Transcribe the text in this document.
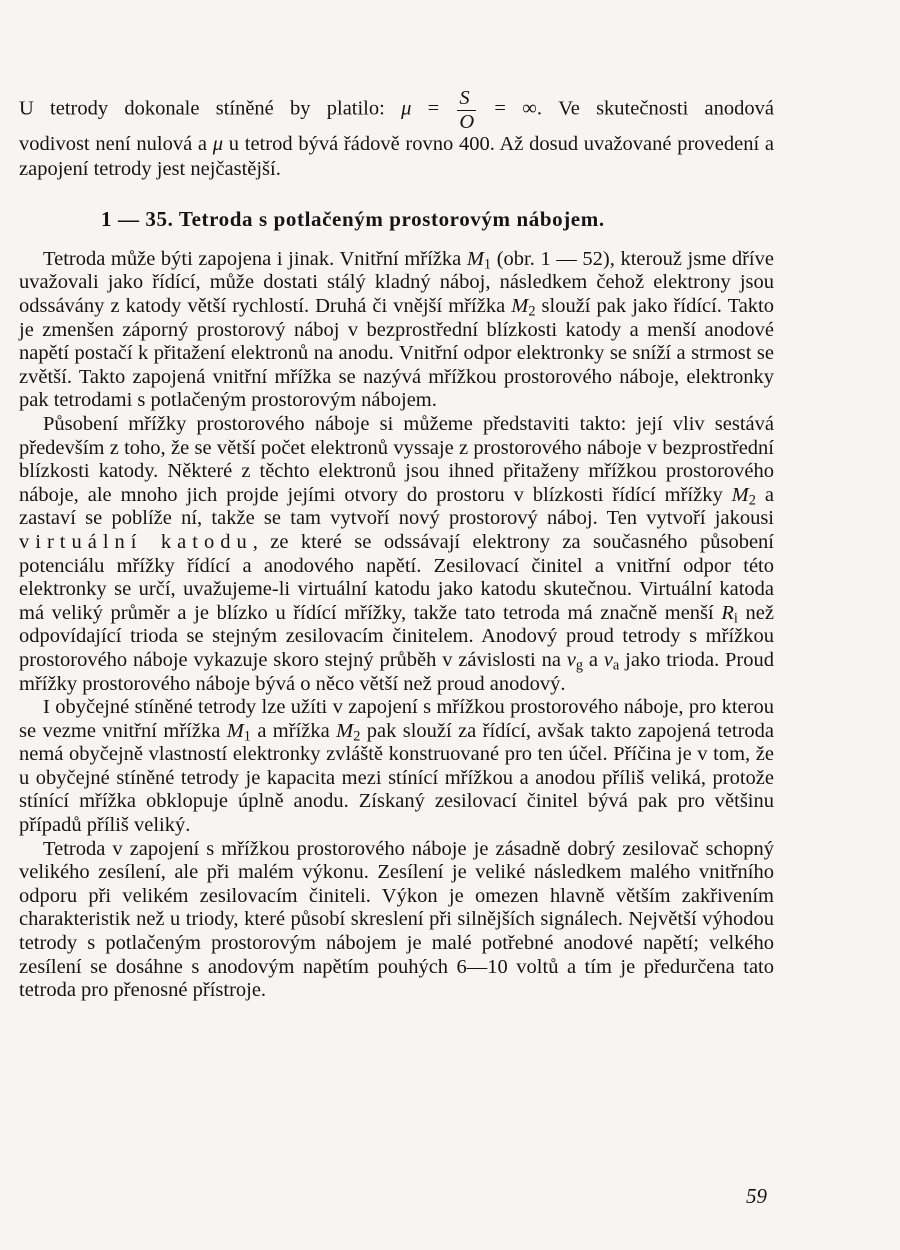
U tetrody dokonale stíněné by platilo: $\mu = \frac{S}{O}$ = ∞. Ve skutečnosti anodová
vodivost není nulová a μ u tetrod bývá řádově rovno 400. Až dosud uvažované provedení a zapojení tetrody jest nejčastější.

1 — 35. Tetroda s potlačeným prostorovým nábojem.

Tetroda může býti zapojena i jinak. Vnitřní mřížka $M_1$ (obr. 1 — 52), kterouž jsme dříve uvažovali jako řídící, může dostati stálý kladný náboj, následkem čehož elektrony jsou odssávány z katody větší rychlostí. Druhá či vnější mřížka $M_2$ slouží pak jako řídící. Takto je zmenšen záporný prostorový náboj v bezprostřední blízkosti katody a menší anodové napětí postačí k přitažení elektronů na anodu. Vnitřní odpor elektronky se sníží a strmost se zvětší. Takto zapojená vnitřní mřížka se nazývá mřížkou prostorového náboje, elektronky pak tetrodami s potlačeným prostorovým nábojem.

Působení mřížky prostorového náboje si můžeme představiti takto: její vliv sestává především z toho, že se větší počet elektronů vyssaje z prostorového náboje v bezprostřední blízkosti katody. Některé z těchto elektronů jsou ihned přitaženy mřížkou prostorového náboje, ale mnoho jich projde jejími otvory do prostoru v blízkosti řídící mřížky $M_2$ a zastaví se poblíže ní, takže se tam vytvoří nový prostorový náboj. Ten vytvoří jakousi virtuální katodu, ze které se odssávají elektrony za současného působení potenciálu mřížky řídící a anodového napětí. Zesilovací činitel a vnitřní odpor této elektronky se určí, uvažujeme-li virtuální katodu jako katodu skutečnou. Virtuální katoda má veliký průměr a je blízko u řídící mřížky, takže tato tetroda má značně menší $R_i$ než odpovídající trioda se stejným zesilovacím činitelem. Anodový proud tetrody s mřížkou prostorového náboje vykazuje skoro stejný průběh v závislosti na $v_g$ a $v_a$ jako trioda. Proud mřížky prostorového náboje bývá o něco větší než proud anodový.

I obyčejné stíněné tetrody lze užíti v zapojení s mřížkou prostorového náboje, pro kterou se vezme vnitřní mřížka $M_1$ a mřížka $M_2$ pak slouží za řídící, avšak takto zapojená tetroda nemá obyčejně vlastností elektronky zvláště konstruované pro ten účel. Příčina je v tom, že u obyčejné stíněné tetrody je kapacita mezi stínící mřížkou a anodou příliš veliká, protože stínící mřížka obklopuje úplně anodu. Získaný zesilovací činitel bývá pak pro většinu případů příliš veliký.

Tetroda v zapojení s mřížkou prostorového náboje je zásadně dobrý zesilovač schopný velikého zesílení, ale při malém výkonu. Zesílení je veliké následkem malého vnitřního odporu při velikém zesilovacím činiteli. Výkon je omezen hlavně větším zakřivením charakteristik než u triody, které působí skreslení při silnějších signálech. Největší výhodou tetrody s potlačeným prostorovým nábojem je malé potřebné anodové napětí; velkého zesílení se dosáhne s anodovým napětím pouhých 6—10 voltů a tím je předurčena tato tetroda pro přenosné přístroje.

59
